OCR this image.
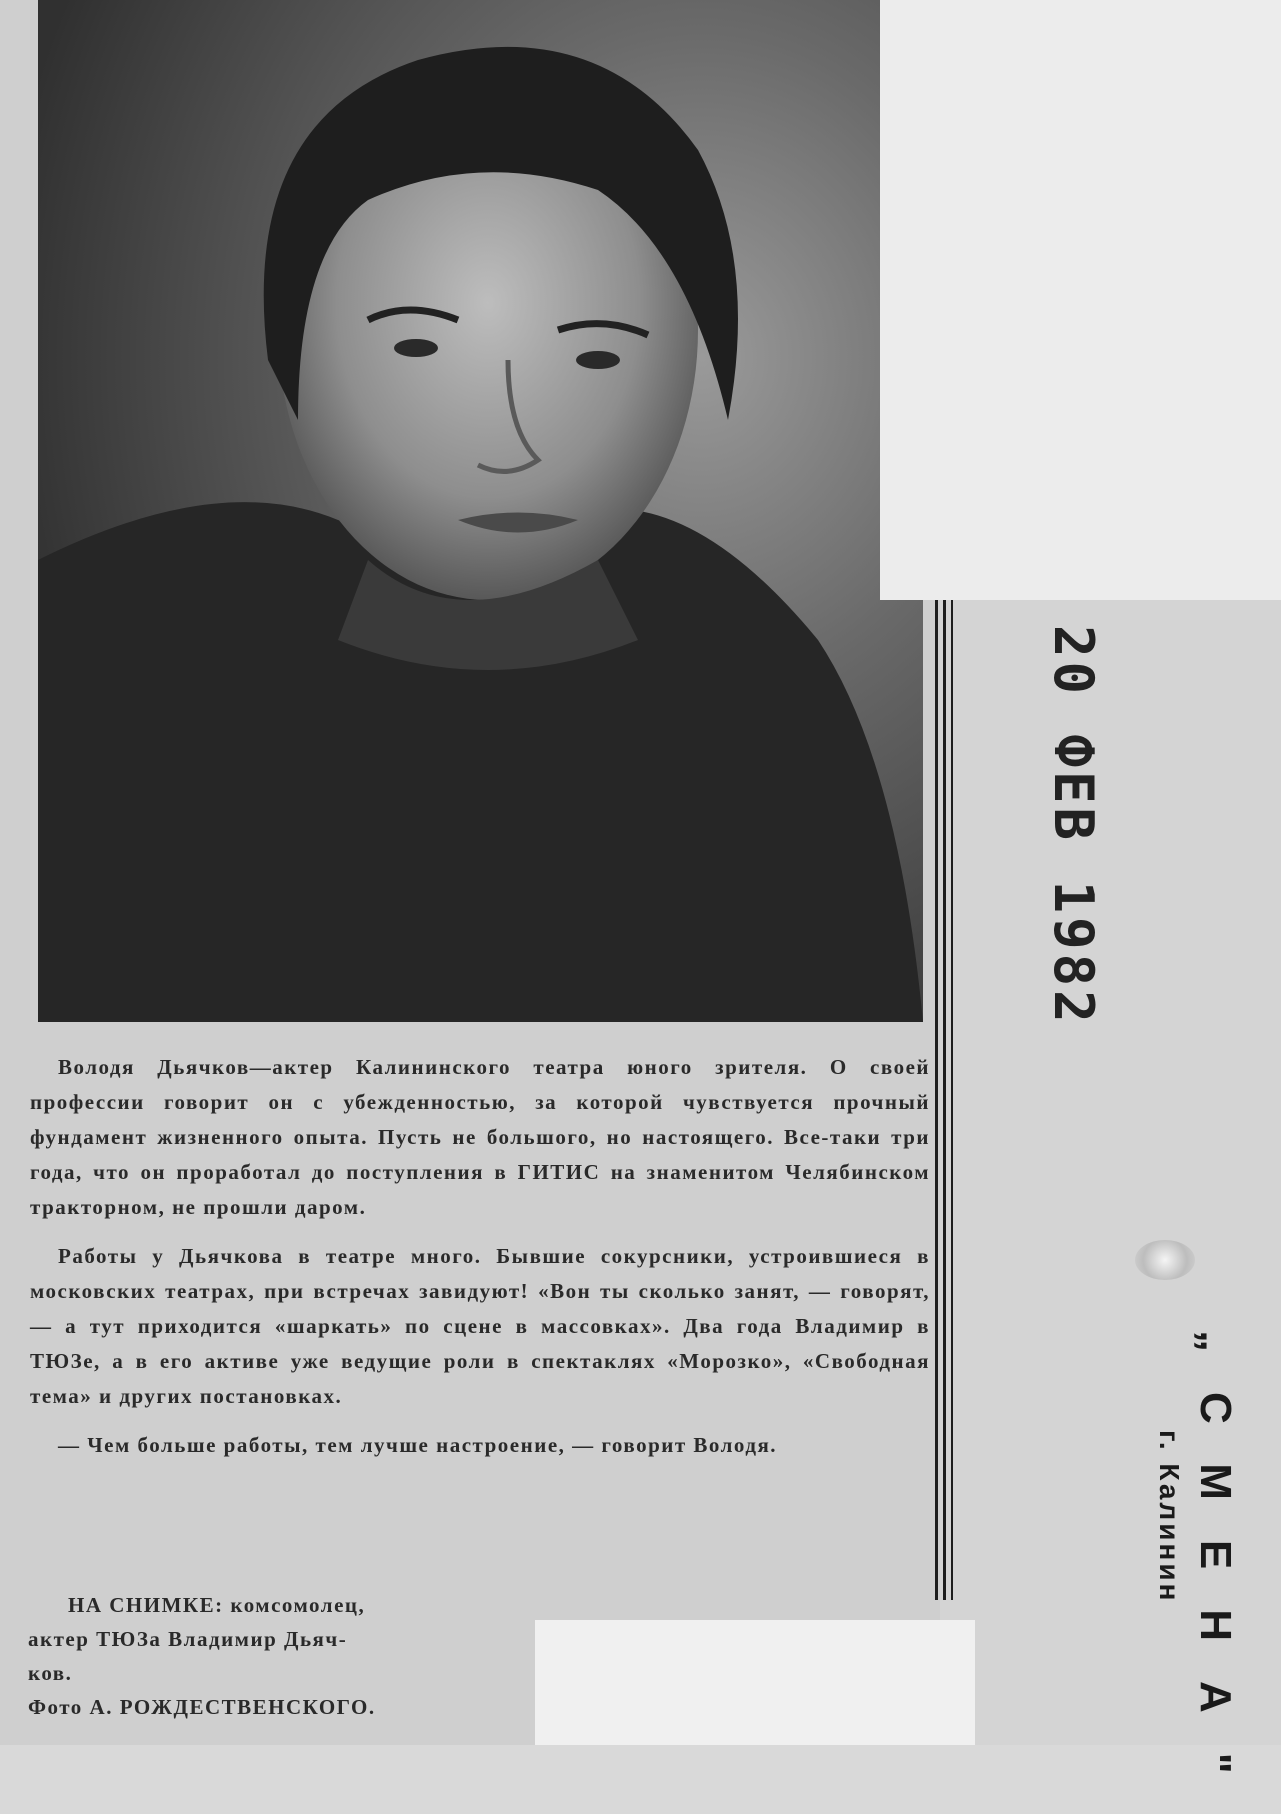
Володя Дьячков—актер Калининского театра юного зрителя. О своей профессии говорит он с убежденностью, за которой чувствуется прочный фундамент жизненного опыта. Пусть не большого, но настоящего. Все-таки три года, что он проработал до поступления в ГИТИС на знаменитом Челябинском тракторном, не прошли даром.

Работы у Дьячкова в театре много. Бывшие сокурсники, устроившиеся в московских театрах, при встречах завидуют! «Вон ты сколько занят, — говорят, — а тут приходится «шаркать» по сцене в массовках». Два года Владимир в ТЮЗе, а в его активе уже ведущие роли в спектаклях «Морозко», «Свободная тема» и других постановках.

— Чем больше работы, тем лучше настроение, — говорит Володя.

НА СНИМКЕ: комсомолец,
актер ТЮЗа Владимир Дьяч-
ков.
Фото А. РОЖДЕСТВЕНСКОГО.
20 ФЕВ 1982
„СМЕНА"
г. Калинин
